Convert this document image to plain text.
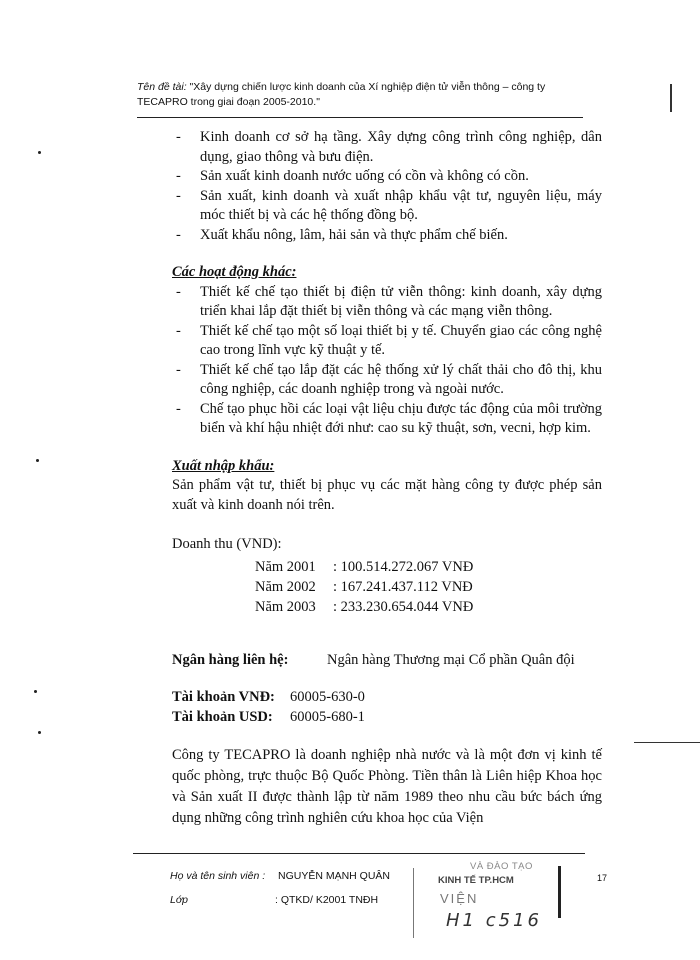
Tên đề tài: "Xây dựng chiến lược kinh doanh của Xí nghiệp điện tử viễn thông – công ty TECAPRO trong giai đoạn 2005-2010."
- Kinh doanh cơ sở hạ tầng. Xây dựng công trình công nghiệp, dân dụng, giao thông và bưu điện.
- Sản xuất kinh doanh nước uống có cồn và không có cồn.
- Sản xuất, kinh doanh và xuất nhập khẩu vật tư, nguyên liệu, máy móc thiết bị và các hệ thống đồng bộ.
- Xuất khẩu nông, lâm, hải sản và thực phẩm chế biến.
Các hoạt động khác:
- Thiết kế chế tạo thiết bị điện tử viễn thông: kinh doanh, xây dựng triển khai lắp đặt thiết bị viễn thông và các mạng viễn thông.
- Thiết kế chế tạo một số loại thiết bị y tế. Chuyển giao các công nghệ cao trong lĩnh vực kỹ thuật y tế.
- Thiết kế chế tạo lắp đặt các hệ thống xử lý chất thải cho đô thị, khu công nghiệp, các doanh nghiệp trong và ngoài nước.
- Chế tạo phục hồi các loại vật liệu chịu được tác động của môi trường biển và khí hậu nhiệt đới như: cao su kỹ thuật, sơn, vecni, hợp kim.
Xuất nhập khẩu:
Sản phẩm vật tư, thiết bị phục vụ các mặt hàng công ty được phép sản xuất và kinh doanh nói trên.
Doanh thu (VND):
Năm 2001	: 100.514.272.067 VNĐ
Năm 2002	: 167.241.437.112 VNĐ
Năm 2003	: 233.230.654.044 VNĐ
Ngân hàng liên hệ:	Ngân hàng Thương mại Cổ phần Quân đội
Tài khoản VNĐ:	60005-630-0
Tài khoản USD:	60005-680-1
Công ty TECAPRO là doanh nghiệp nhà nước và là một đơn vị kinh tế quốc phòng, trực thuộc Bộ Quốc Phòng. Tiền thân là Liên hiệp Khoa học và Sản xuất II được thành lập từ năm 1989 theo nhu cầu bức bách ứng dụng những công trình nghiên cứu khoa học của Viện
Họ và tên sinh viên :	NGUYỄN MẠNH QUÂN
Lớp	: QTKD/ K2001 TNĐH
17
VÀ ĐÀO TẠO
KINH TẾ TP.HCM
VIỆN
H1 c516
